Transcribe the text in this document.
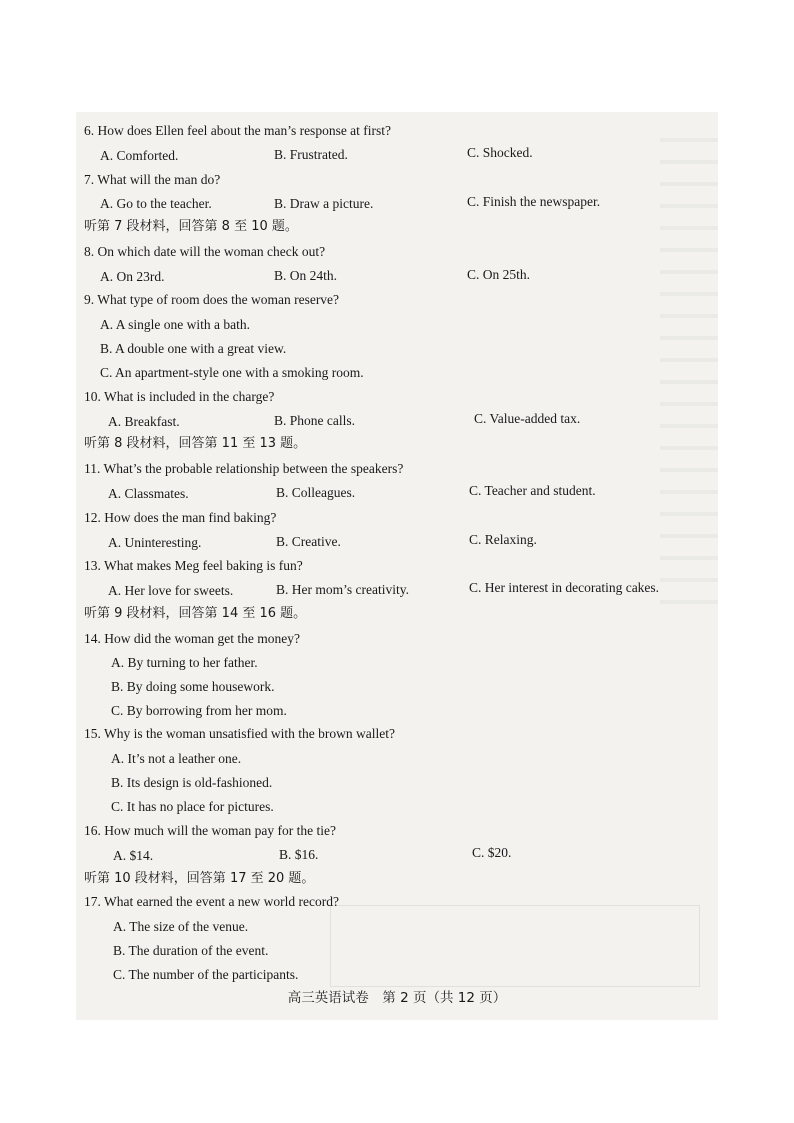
6. How does Ellen feel about the man’s response at first?
A. Comforted.	B. Frustrated.	C. Shocked.
7. What will the man do?
A. Go to the teacher.	B. Draw a picture.	C. Finish the newspaper.
听第 7 段材料，回答第 8 至 10 题。
8. On which date will the woman check out?
A. On 23rd.	B. On 24th.	C. On 25th.
9. What type of room does the woman reserve?
A. A single one with a bath.
B. A double one with a great view.
C. An apartment-style one with a smoking room.
10. What is included in the charge?
A. Breakfast.	B. Phone calls.	C. Value-added tax.
听第 8 段材料，回答第 11 至 13 题。
11. What’s the probable relationship between the speakers?
A. Classmates.	B. Colleagues.	C. Teacher and student.
12. How does the man find baking?
A. Uninteresting.	B. Creative.	C. Relaxing.
13. What makes Meg feel baking is fun?
A. Her love for sweets.	B. Her mom’s creativity.	C. Her interest in decorating cakes.
听第 9 段材料，回答第 14 至 16 题。
14. How did the woman get the money?
A. By turning to her father.
B. By doing some housework.
C. By borrowing from her mom.
15. Why is the woman unsatisfied with the brown wallet?
A. It’s not a leather one.
B. Its design is old-fashioned.
C. It has no place for pictures.
16. How much will the woman pay for the tie?
A. $14.	B. $16.	C. $20.
听第 10 段材料，回答第 17 至 20 题。
17. What earned the event a new world record?
A. The size of the venue.
B. The duration of the event.
C. The number of the participants.
高三英语试卷　第 2 页（共 12 页）
